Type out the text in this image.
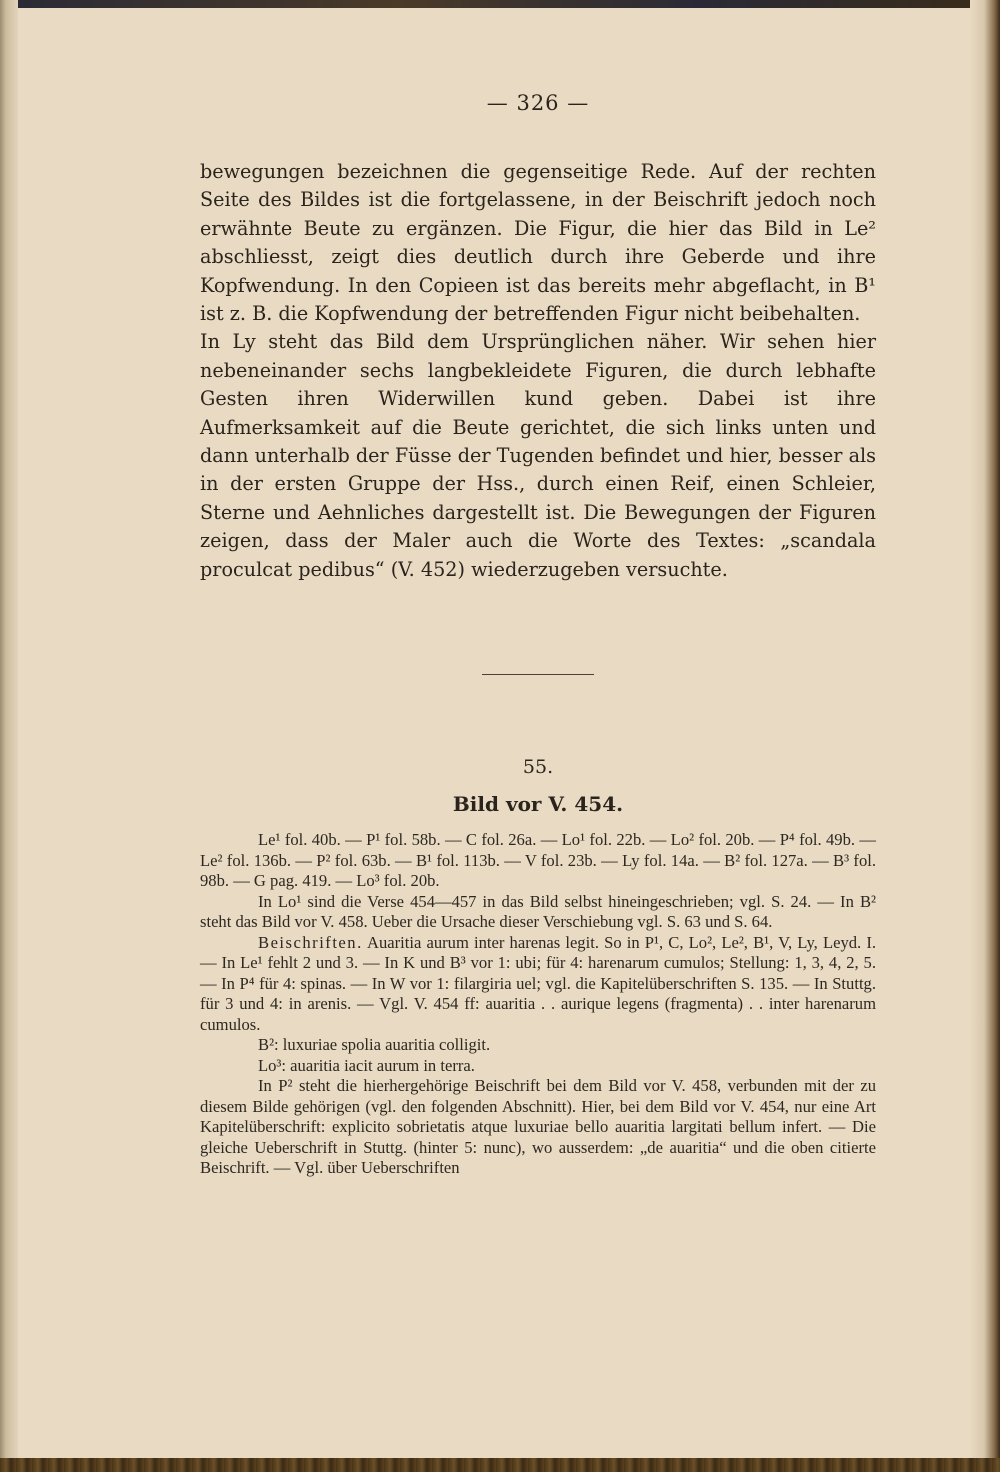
— 326 —

bewegungen bezeichnen die gegenseitige Rede. Auf der rechten Seite des Bildes ist die fortgelassene, in der Beischrift jedoch noch erwähnte Beute zu ergänzen. Die Figur, die hier das Bild in Le² abschliesst, zeigt dies deutlich durch ihre Geberde und ihre Kopfwendung. In den Copieen ist das bereits mehr abgeflacht, in B¹ ist z. B. die Kopfwendung der betreffenden Figur nicht beibehalten.

In Ly steht das Bild dem Ursprünglichen näher. Wir sehen hier nebeneinander sechs langbekleidete Figuren, die durch lebhafte Gesten ihren Widerwillen kund geben. Dabei ist ihre Aufmerksamkeit auf die Beute gerichtet, die sich links unten und dann unterhalb der Füsse der Tugenden befindet und hier, besser als in der ersten Gruppe der Hss., durch einen Reif, einen Schleier, Sterne und Aehnliches dargestellt ist. Die Bewegungen der Figuren zeigen, dass der Maler auch die Worte des Textes: „scandala proculcat pedibus“ (V. 452) wiederzugeben versuchte.

55.
Bild vor V. 454.

Le¹ fol. 40b. — P¹ fol. 58b. — C fol. 26a. — Lo¹ fol. 22b. — Lo² fol. 20b. — P⁴ fol. 49b. — Le² fol. 136b. — P² fol. 63b. — B¹ fol. 113b. — V fol. 23b. — Ly fol. 14a. — B² fol. 127a. — B³ fol. 98b. — G pag. 419. — Lo³ fol. 20b.

In Lo¹ sind die Verse 454—457 in das Bild selbst hineingeschrieben; vgl. S. 24. — In B² steht das Bild vor V. 458. Ueber die Ursache dieser Verschiebung vgl. S. 63 und S. 64.

Beischriften. Auaritia aurum inter harenas legit. So in P¹, C, Lo², Le², B¹, V, Ly, Leyd. I. — In Le¹ fehlt 2 und 3. — In K und B³ vor 1: ubi; für 4: harenarum cumulos; Stellung: 1, 3, 4, 2, 5. — In P⁴ für 4: spinas. — In W vor 1: filargiria uel; vgl. die Kapitelüberschriften S. 135. — In Stuttg. für 3 und 4: in arenis. — Vgl. V. 454 ff: auaritia . . aurique legens (fragmenta) . . inter harenarum cumulos.

B²: luxuriae spolia auaritia colligit.

Lo³: auaritia iacit aurum in terra.

In P² steht die hierhergehörige Beischrift bei dem Bild vor V. 458, verbunden mit der zu diesem Bilde gehörigen (vgl. den folgenden Abschnitt). Hier, bei dem Bild vor V. 454, nur eine Art Kapitelüberschrift: explicito sobrietatis atque luxuriae bello auaritia largitati bellum infert. — Die gleiche Ueberschrift in Stuttg. (hinter 5: nunc), wo ausserdem: „de auaritia“ und die oben citierte Beischrift. — Vgl. über Ueberschriften
